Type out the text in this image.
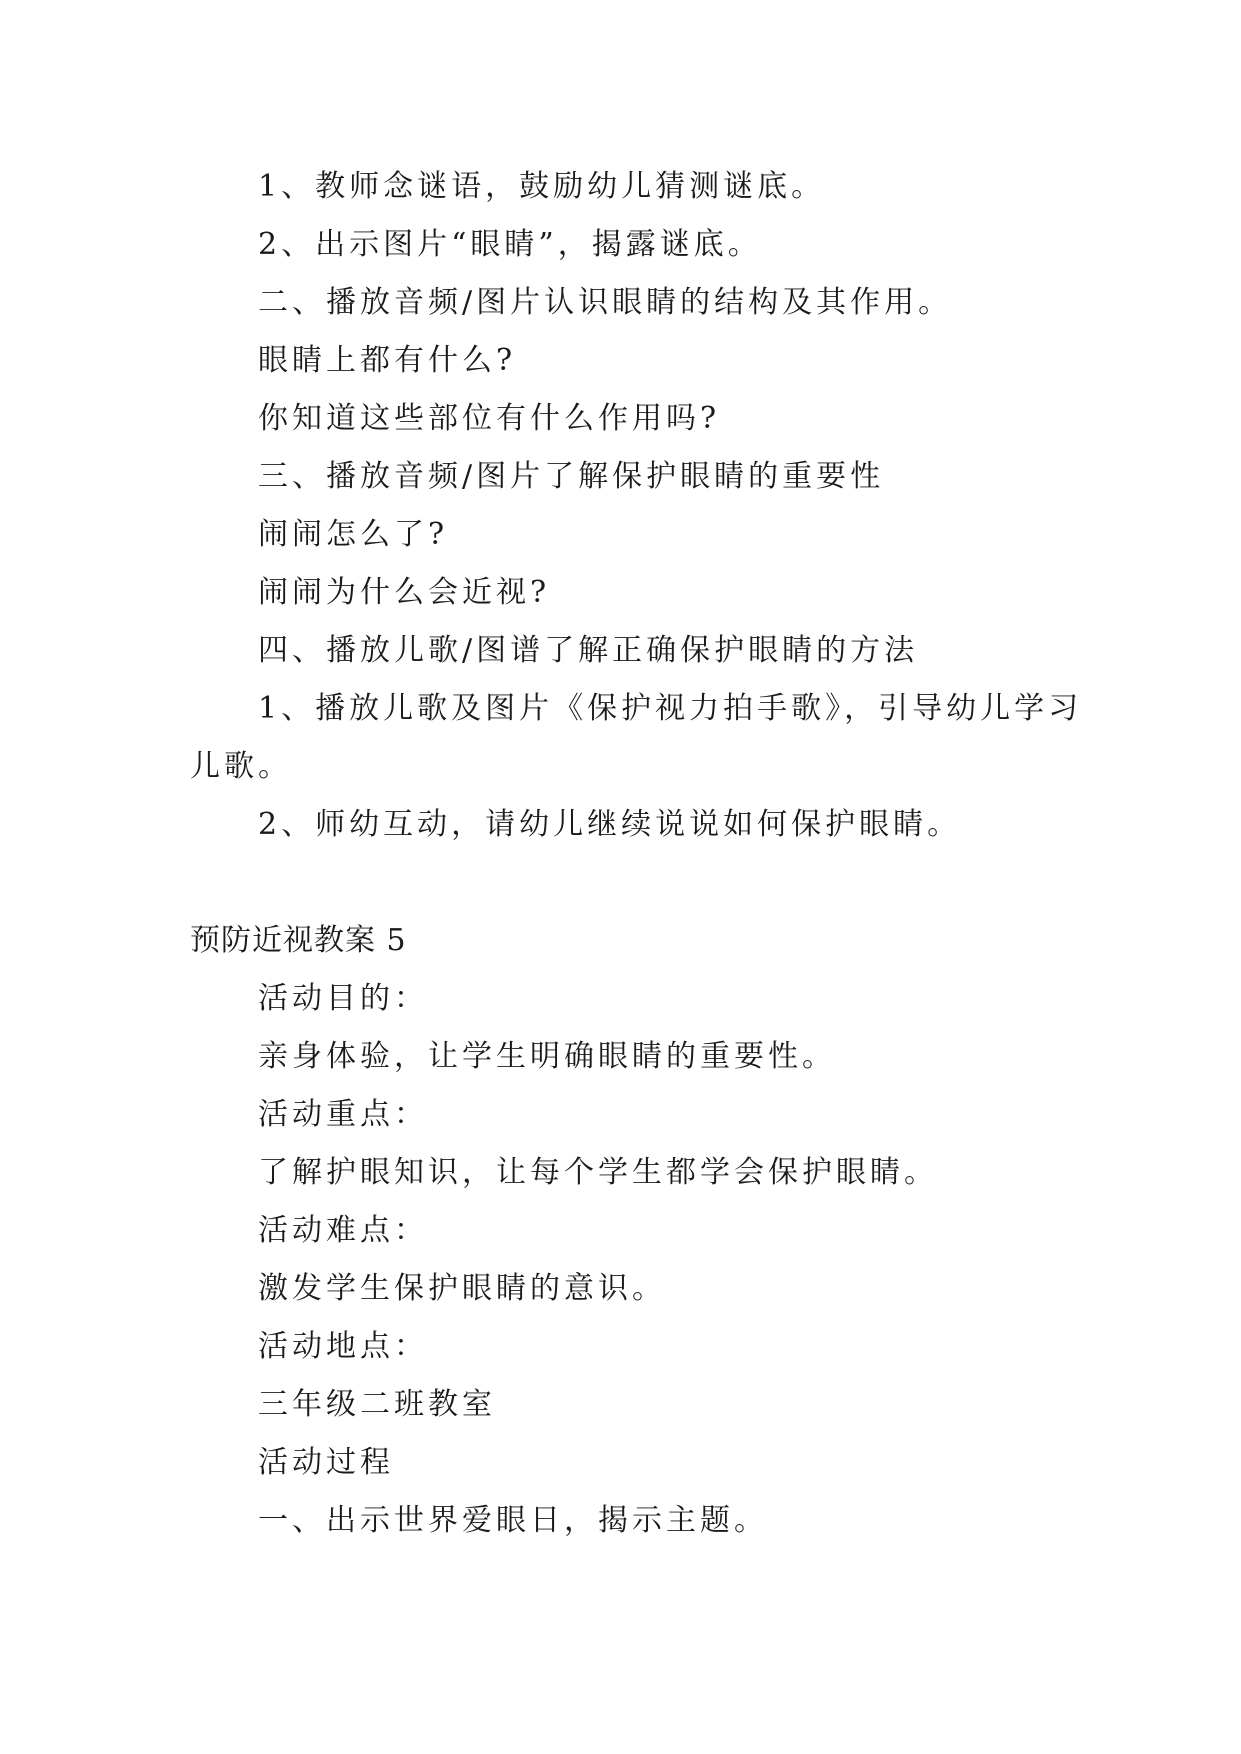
1、教师念谜语，鼓励幼儿猜测谜底。
2、出示图片“眼睛”，揭露谜底。
二、播放音频/图片认识眼睛的结构及其作用。
眼睛上都有什么?
你知道这些部位有什么作用吗?
三、播放音频/图片了解保护眼睛的重要性
闹闹怎么了?
闹闹为什么会近视?
四、播放儿歌/图谱了解正确保护眼睛的方法
1、播放儿歌及图片《保护视力拍手歌》，引导幼儿学习
儿歌。
2、师幼互动，请幼儿继续说说如何保护眼睛。
预防近视教案 5
活动目的：
亲身体验，让学生明确眼睛的重要性。
活动重点：
了解护眼知识，让每个学生都学会保护眼睛。
活动难点：
激发学生保护眼睛的意识。
活动地点：
三年级二班教室
活动过程
一、出示世界爱眼日，揭示主题。
